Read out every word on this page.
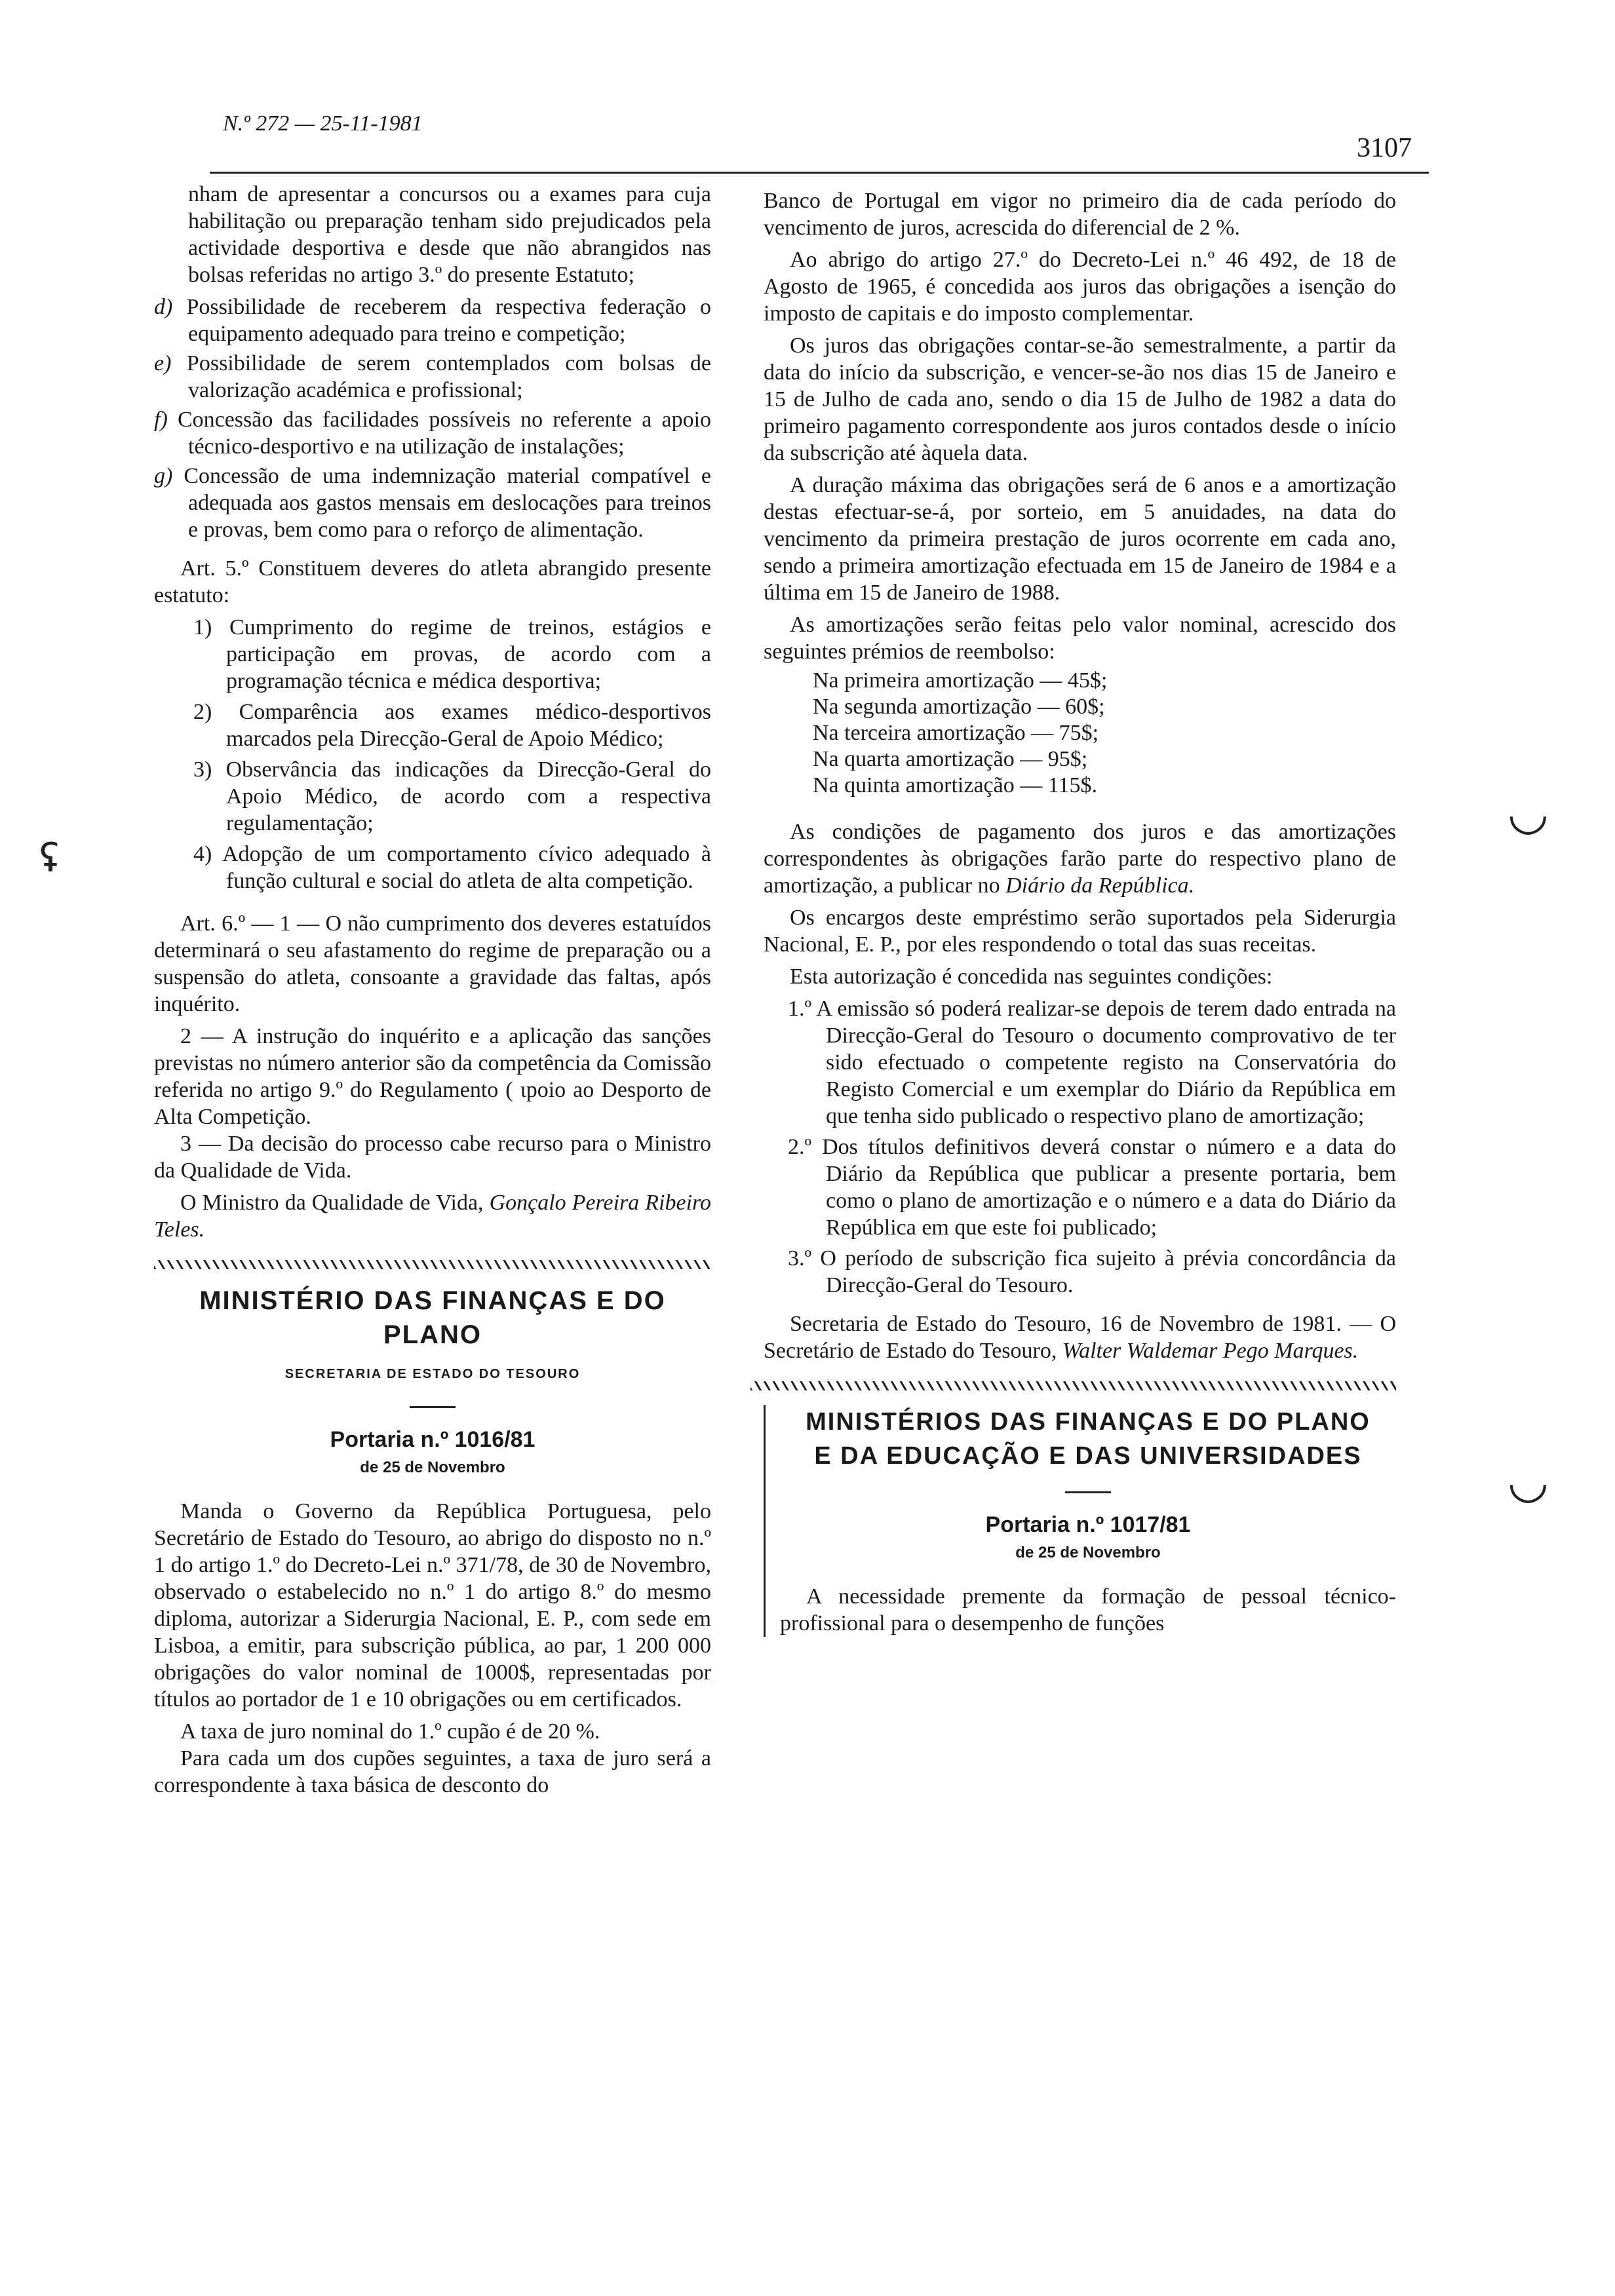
N.º 272 — 25-11-1981
3107
ʢ
◡
◡

nham de apresentar a concursos ou a exames para cuja habilitação ou preparação tenham sido prejudicados pela actividade desportiva e desde que não abrangidos nas bolsas referidas no artigo 3.º do presente Estatuto;

d) Possibilidade de receberem da respectiva federação o equipamento adequado para treino e competição;
e) Possibilidade de serem contemplados com bolsas de valorização académica e profissional;
f) Concessão das facilidades possíveis no referente a apoio técnico-desportivo e na utilização de instalações;
g) Concessão de uma indemnização material compatível e adequada aos gastos mensais em deslocações para treinos e provas, bem como para o reforço de alimentação.

Art. 5.º Constituem deveres do atleta abrangido presente estatuto:

1) Cumprimento do regime de treinos, estágios e participação em provas, de acordo com a programação técnica e médica desportiva;
2) Comparência aos exames médico-desportivos marcados pela Direcção-Geral de Apoio Médico;
3) Observância das indicações da Direcção-Geral do Apoio Médico, de acordo com a respectiva regulamentação;
4) Adopção de um comportamento cívico adequado à função cultural e social do atleta de alta competição.

Art. 6.º — 1 — O não cumprimento dos deveres estatuídos determinará o seu afastamento do regime de preparação ou a suspensão do atleta, consoante a gravidade das faltas, após inquérito.

2 — A instrução do inquérito e a aplicação das sanções previstas no número anterior são da competência da Comissão referida no artigo 9.º do Regulamento ( ɩpoio ao Desporto de Alta Competição.

3 — Da decisão do processo cabe recurso para o Ministro da Qualidade de Vida.

O Ministro da Qualidade de Vida, Gonçalo Pereira Ribeiro Teles.

MINISTÉRIO DAS FINANÇAS E DO PLANO
SECRETARIA DE ESTADO DO TESOURO
Portaria n.º 1016/81
de 25 de Novembro

Manda o Governo da República Portuguesa, pelo Secretário de Estado do Tesouro, ao abrigo do disposto no n.º 1 do artigo 1.º do Decreto-Lei n.º 371/78, de 30 de Novembro, observado o estabelecido no n.º 1 do artigo 8.º do mesmo diploma, autorizar a Siderurgia Nacional, E. P., com sede em Lisboa, a emitir, para subscrição pública, ao par, 1 200 000 obrigações do valor nominal de 1000$, representadas por títulos ao portador de 1 e 10 obrigações ou em certificados.

A taxa de juro nominal do 1.º cupão é de 20 %.

Para cada um dos cupões seguintes, a taxa de juro será a correspondente à taxa básica de desconto do

Banco de Portugal em vigor no primeiro dia de cada período do vencimento de juros, acrescida do diferencial de 2 %.

Ao abrigo do artigo 27.º do Decreto-Lei n.º 46 492, de 18 de Agosto de 1965, é concedida aos juros das obrigações a isenção do imposto de capitais e do imposto complementar.

Os juros das obrigações contar-se-ão semestralmente, a partir da data do início da subscrição, e vencer-se-ão nos dias 15 de Janeiro e 15 de Julho de cada ano, sendo o dia 15 de Julho de 1982 a data do primeiro pagamento correspondente aos juros contados desde o início da subscrição até àquela data.

A duração máxima das obrigações será de 6 anos e a amortização destas efectuar-se-á, por sorteio, em 5 anuidades, na data do vencimento da primeira prestação de juros ocorrente em cada ano, sendo a primeira amortização efectuada em 15 de Janeiro de 1984 e a última em 15 de Janeiro de 1988.

As amortizações serão feitas pelo valor nominal, acrescido dos seguintes prémios de reembolso:

Na primeira amortização — 45$;
Na segunda amortização — 60$;
Na terceira amortização — 75$;
Na quarta amortização — 95$;
Na quinta amortização — 115$.

As condições de pagamento dos juros e das amortizações correspondentes às obrigações farão parte do respectivo plano de amortização, a publicar no Diário da República.

Os encargos deste empréstimo serão suportados pela Siderurgia Nacional, E. P., por eles respondendo o total das suas receitas.

Esta autorização é concedida nas seguintes condições:

1.º A emissão só poderá realizar-se depois de terem dado entrada na Direcção-Geral do Tesouro o documento comprovativo de ter sido efectuado o competente registo na Conservatória do Registo Comercial e um exemplar do Diário da República em que tenha sido publicado o respectivo plano de amortização;
2.º Dos títulos definitivos deverá constar o número e a data do Diário da República que publicar a presente portaria, bem como o plano de amortização e o número e a data do Diário da República em que este foi publicado;
3.º O período de subscrição fica sujeito à prévia concordância da Direcção-Geral do Tesouro.

Secretaria de Estado do Tesouro, 16 de Novembro de 1981. — O Secretário de Estado do Tesouro, Walter Waldemar Pego Marques.

MINISTÉRIOS DAS FINANÇAS E DO PLANO
E DA EDUCAÇÃO E DAS UNIVERSIDADES
Portaria n.º 1017/81
de 25 de Novembro

A necessidade premente da formação de pessoal técnico-profissional para o desempenho de funções
